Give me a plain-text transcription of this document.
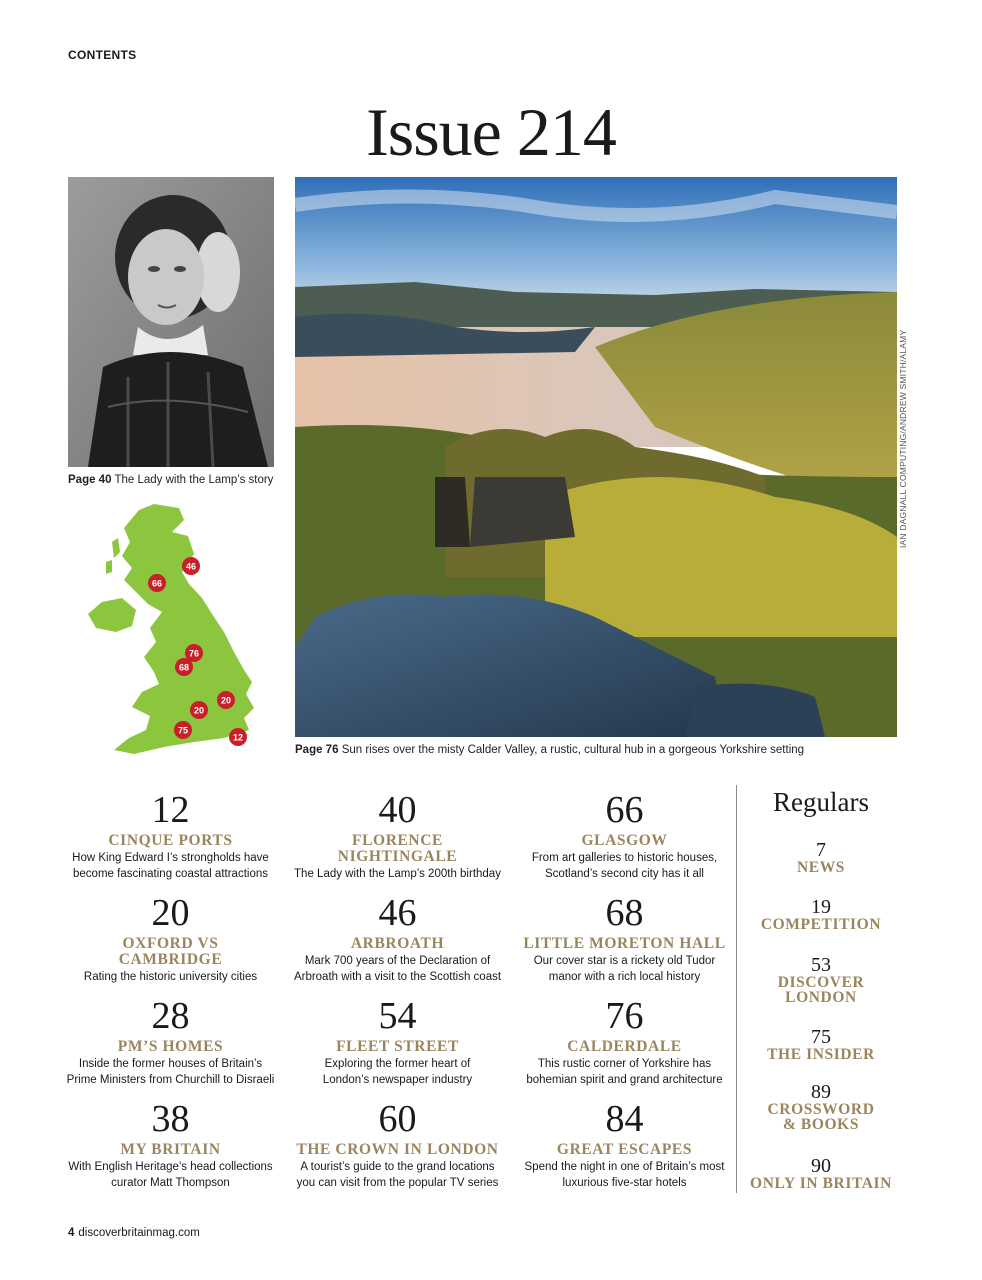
CONTENTS
Issue 214
Page 40 The Lady with the Lamp’s story
46
66
76
68
20
20
75
12
IAN DAGNALL COMPUTING/ANDREW SMITH/ALAMY
Page 76 Sun rises over the misty Calder Valley, a rustic, cultural hub in a gorgeous Yorkshire setting
12
CINQUE PORTS
How King Edward I’s strongholds have
become fascinating coastal attractions
40
FLORENCE NIGHTINGALE
The Lady with the Lamp’s 200th birthday
66
GLASGOW
From art galleries to historic houses,
Scotland’s second city has it all
20
OXFORD VS CAMBRIDGE
Rating the historic university cities
46
ARBROATH
Mark 700 years of the Declaration of
Arbroath with a visit to the Scottish coast
68
LITTLE MORETON HALL
Our cover star is a rickety old Tudor
manor with a rich local history
28
PM’S HOMES
Inside the former houses of Britain’s
Prime Ministers from Churchill to Disraeli
54
FLEET STREET
Exploring the former heart of
London’s newspaper industry
76
CALDERDALE
This rustic corner of Yorkshire has
bohemian spirit and grand architecture
38
MY BRITAIN
With English Heritage’s head collections
curator Matt Thompson
60
THE CROWN IN LONDON
A tourist’s guide to the grand locations
you can visit from the popular TV series
84
GREAT ESCAPES
Spend the night in one of Britain’s most
luxurious five-star hotels
Regulars
7
NEWS
19
COMPETITION
53
DISCOVER LONDON
75
THE INSIDER
89
CROSSWORD & BOOKS
90
ONLY IN BRITAIN
4 discoverbritainmag.com
